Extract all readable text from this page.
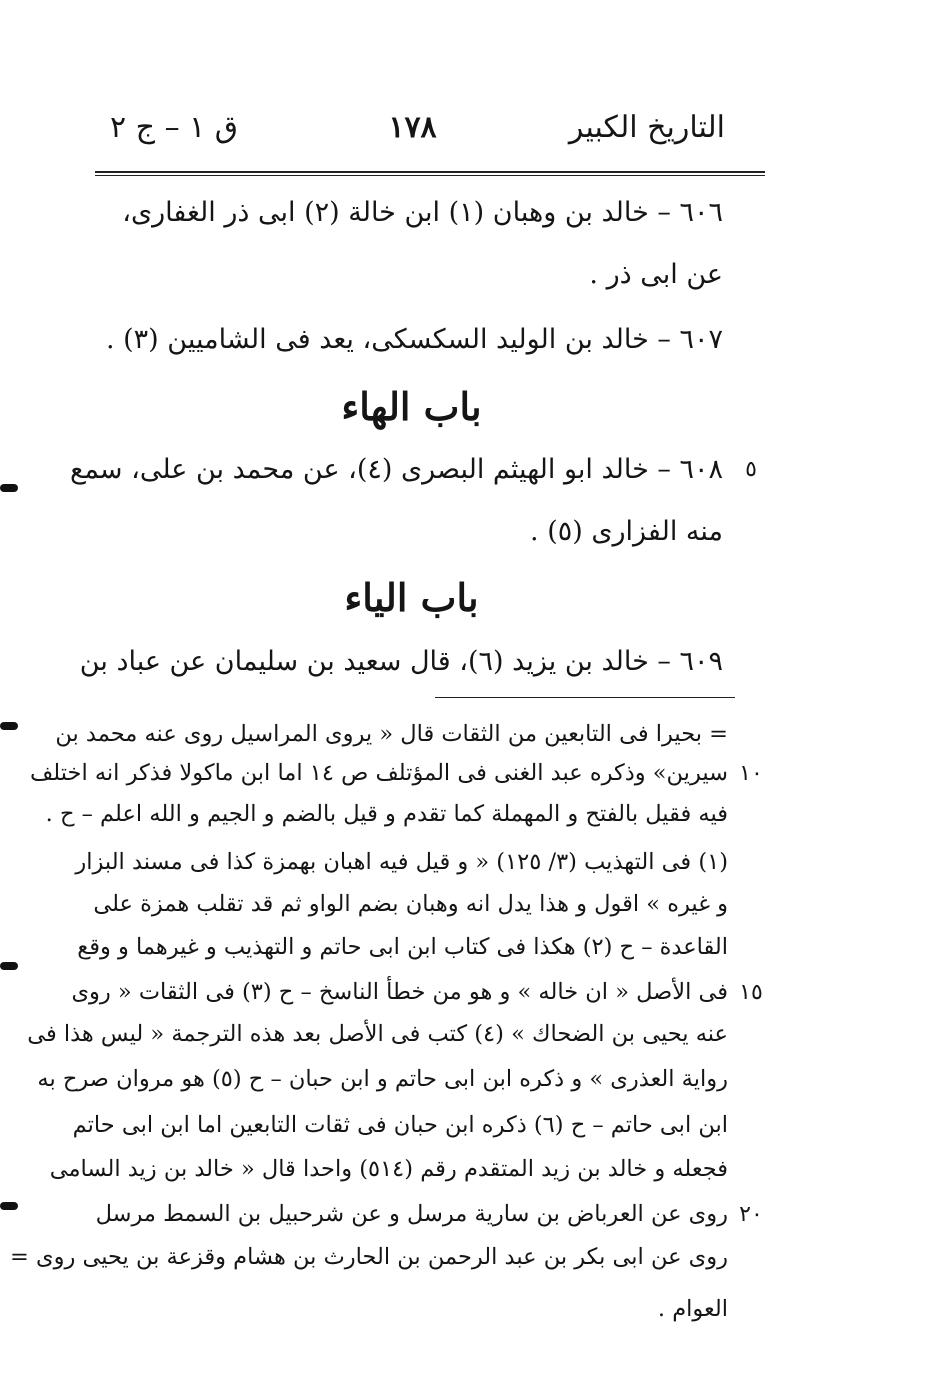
التاريخ الكبير
١٧٨
ق ١ – ج ٢
٦٠٦ – خالد بن وهبان (١) ابن خالة (٢) ابى ذر الغفارى،
عن ابى ذر .
٦٠٧ – خالد بن الوليد السكسكى، يعد فى الشاميين (٣) .
باب الهاء
٥
٦٠٨ – خالد ابو الهيثم البصرى (٤)، عن محمد بن على، سمع
منه الفزارى (٥) .
باب الياء
٦٠٩ – خالد بن يزيد (٦)، قال سعيد بن سليمان عن عباد بن
= بحيرا فى التابعين من الثقات قال « يروى المراسيل روى عنه محمد بن
١٠
سيرين» وذكره عبد الغنى فى المؤتلف ص ١٤ اما ابن ماكولا فذكر انه اختلف
فيه فقيل بالفتح و المهملة كما تقدم و قيل بالضم و الجيم و الله اعلم – ح .
(١) فى التهذيب (٣/ ١٢٥) « و قيل فيه اهبان بهمزة كذا فى مسند البزار
و غيره » اقول و هذا يدل انه وهبان بضم الواو ثم قد تقلب همزة على
القاعدة – ح (٢) هكذا فى كتاب ابن ابى حاتم و التهذيب و غيرهما و وقع
١٥
فى الأصل « ان خاله » و هو من خطأ الناسخ – ح (٣) فى الثقات « روى
عنه يحيى بن الضحاك » (٤) كتب فى الأصل بعد هذه الترجمة « ليس هذا فى
رواية العذرى » و ذكره ابن ابى حاتم و ابن حبان – ح (٥) هو مروان صرح به
ابن ابى حاتم – ح (٦) ذكره ابن حبان فى ثقات التابعين اما ابن ابى حاتم
فجعله و خالد بن زيد المتقدم رقم (٥١٤) واحدا قال « خالد بن زيد السامى
٢٠
روى عن العرباض بن سارية مرسل و عن شرحبيل بن السمط مرسل
روى عن ابى بكر بن عبد الرحمن بن الحارث بن هشام وقزعة بن يحيى روى =
العوام .
